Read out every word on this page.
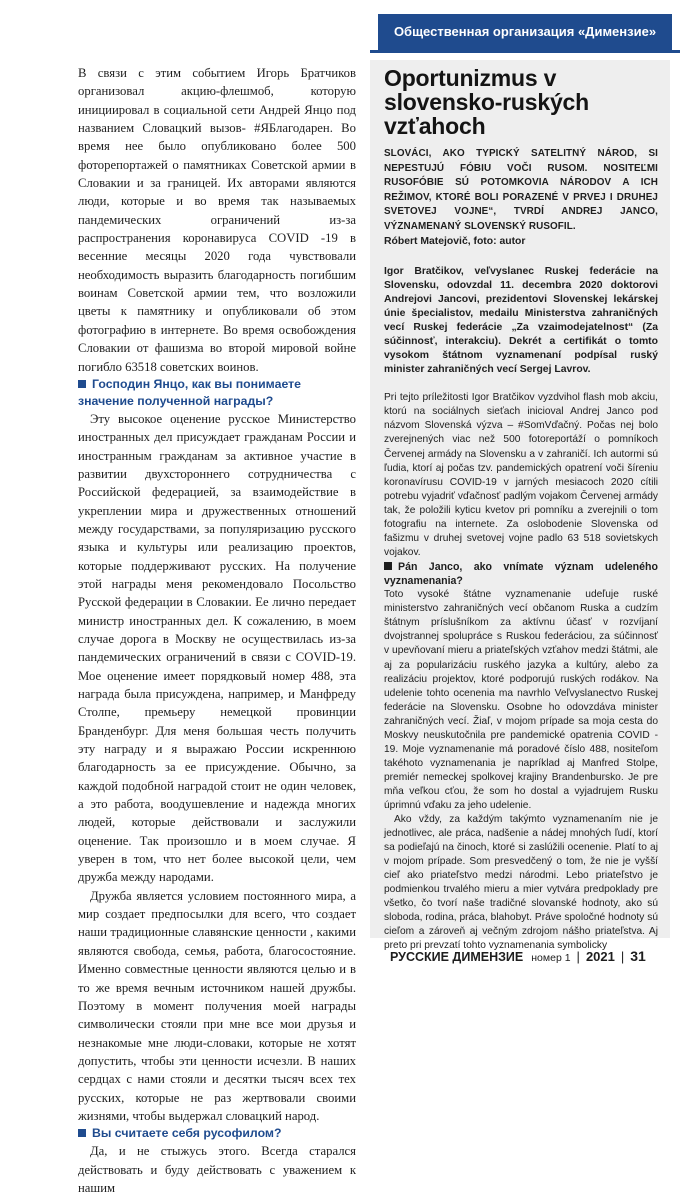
Общественная организация «Димензие»

В связи с этим событием Игорь Братчиков организовал акцию-флешмоб, которую инициировал в социальной сети Андрей Янцо под названием Словацкий вызов- #ЯБлагодарен. Во время нее было опубликовано более 500 фоторепортажей о памятниках Советской армии в Словакии и за границей. Их авторами являются люди, которые и во время так называемых пандемических ограничений из-за распространения коронавируса COVID -19 в весенние месяцы 2020 года чувствовали необходимость выразить благодарность погибшим воинам Советской армии тем, что возложили цветы к памятнику и опубликовали об этом фотографию в интернете. Во время освобождения Словакии от фашизма во второй мировой войне погибло 63518 советских воинов.

Господин Янцо, как вы понимаете значение полученной награды?

Эту высокое оценение русское Министерство иностранных дел присуждает гражданам России и иностранным гражданам за активное участие в развитии двухстороннего сотрудничества с Российской федерацией, за взаимодействие в укреплении мира и дружественных отношений между государствами, за популяризацию русского языка и культуры или реализацию проектов, которые поддерживают русских. На получение этой награды меня рекомендовало Посольство Русской федерации в Словакии. Ее лично передает министр иностранных дел. К сожалению, в моем случае дорога в Москву не осуществилась из-за пандемических ограничений в связи с COVID-19. Мое оценение имеет порядковый номер 488, эта награда была присуждена, например, и Манфреду Столпе, премьеру немецкой провинции Бранденбург. Для меня большая честь получить эту награду и я выражаю России искреннюю благодарность за ее присуждение. Обычно, за каждой подобной наградой стоит не один человек, а это работа, воодушевление и надежда многих людей, которые действовали и заслужили оценение. Так произошло и в моем случае. Я уверен в том, что нет более высокой цели, чем дружба между народами.

Дружба является условием постоянного мира, а мир создает предпосылки для всего, что создает наши традиционные славянские ценности , какими являются свобода, семья, работа, благосостояние. Именно совместные ценности являются целью и в то же время вечным источником нашей дружбы. Поэтому в момент получения моей награды символически стояли при мне все мои друзья и незнакомые мне люди-словаки, которые не хотят допустить, чтобы эти ценности исчезли. В наших сердцах с нами стояли и десятки тысяч всех тех русских, которые не раз жертвовали своими жизнями, чтобы выдержал словацкий народ.

Вы считаете себя русофилом?

Да, и не стыжусь этого. Всегда старался действовать и буду действовать с уважением к нашим

Oportunizmus v slovensko-ruských vzťahoch

SLOVÁCI, AKO TYPICKÝ SATELITNÝ NÁROD, SI NEPESTUJÚ FÓBIU VOČI RUSOM. NOSITEĽMI RUSOFÓBIE SÚ POTOMKOVIA NÁRODOV A ICH REŽIMOV, KTORÉ BOLI PORAZENÉ V PRVEJ I DRUHEJ SVETOVEJ VOJNE“, TVRDÍ ANDREJ JANCO, VÝZNAMENANÝ SLOVENSKÝ RUSOFIL.

Róbert Matejovič, foto: autor

Igor Bratčikov, veľvyslanec Ruskej federácie na Slovensku, odovzdal 11. decembra 2020 doktorovi Andrejovi Jancovi, prezidentovi Slovenskej lekárskej únie špecialistov, medailu Ministerstva zahraničných vecí Ruskej federácie „Za vzaimodejatelnost“ (Za súčinnosť, interakciu). Dekrét a certifikát o tomto vysokom štátnom vyznamenaní podpísal ruský minister zahraničných vecí Sergej Lavrov.

Pri tejto príležitosti Igor Bratčikov vyzdvihol flash mob akciu, ktorú na sociálnych sieťach inicioval Andrej Janco pod názvom Slovenská výzva – #SomVďačný. Počas nej bolo zverejnených viac než 500 fotoreportáží o pomníkoch Červenej armády na Slovensku a v zahraničí. Ich autormi sú ľudia, ktorí aj počas tzv. pandemických opatrení voči šíreniu koronavírusu COVID-19 v jarných mesiacoch 2020 cítili potrebu vyjadriť vďačnosť padlým vojakom Červenej armády tak, že položili kyticu kvetov pri pomníku a zverejnili o tom fotografiu na internete. Za oslobodenie Slovenska od fašizmu v druhej svetovej vojne padlo 63 518 sovietskych vojakov.

Pán Janco, ako vnímate význam udeleného vyznamenania?

Toto vysoké štátne vyznamenanie udeľuje ruské ministerstvo zahraničných vecí občanom Ruska a cudzím štátnym príslušníkom za aktívnu účasť v rozvíjaní dvojstrannej spolupráce s Ruskou federáciou, za súčinnosť v upevňovaní mieru a priateľských vzťahov medzi štátmi, ale aj za popularizáciu ruského jazyka a kultúry, alebo za realizáciu projektov, ktoré podporujú ruských rodákov. Na udelenie tohto ocenenia ma navrhlo Veľvyslanectvo Ruskej federácie na Slovensku. Osobne ho odovzdáva minister zahraničných vecí. Žiaľ, v mojom prípade sa moja cesta do Moskvy neuskutočnila pre pandemické opatrenia COVID - 19. Moje vyznamenanie má poradové číslo 488, nositeľom takéhoto vyznamenania je napríklad aj Manfred Stolpe, premiér nemeckej spolkovej krajiny Brandenbursko. Je pre mňa veľkou cťou, že som ho dostal a vyjadrujem Rusku úprimnú vďaku za jeho udelenie.

Ako vždy, za každým takýmto vyznamenaním nie je jednotlivec, ale práca, nadšenie a nádej mnohých ľudí, ktorí sa podieľajú na činoch, ktoré si zaslúžili ocenenie. Platí to aj v mojom prípade. Som presvedčený o tom, že nie je vyšší cieľ ako priateľstvo medzi národmi. Lebo priateľstvo je podmienkou trvalého mieru a mier vytvára predpoklady pre všetko, čo tvorí naše tradičné slovanské hodnoty, ako sú sloboda, rodina, práca, blahobyt. Práve spoločné hodnoty sú cieľom a zároveň aj večným zdrojom nášho priateľstva. Aj preto pri prevzatí tohto vyznamenania symbolicky

РУССКИЕ ДИМЕНЗИЕ номер 1 | 2021 | 31
